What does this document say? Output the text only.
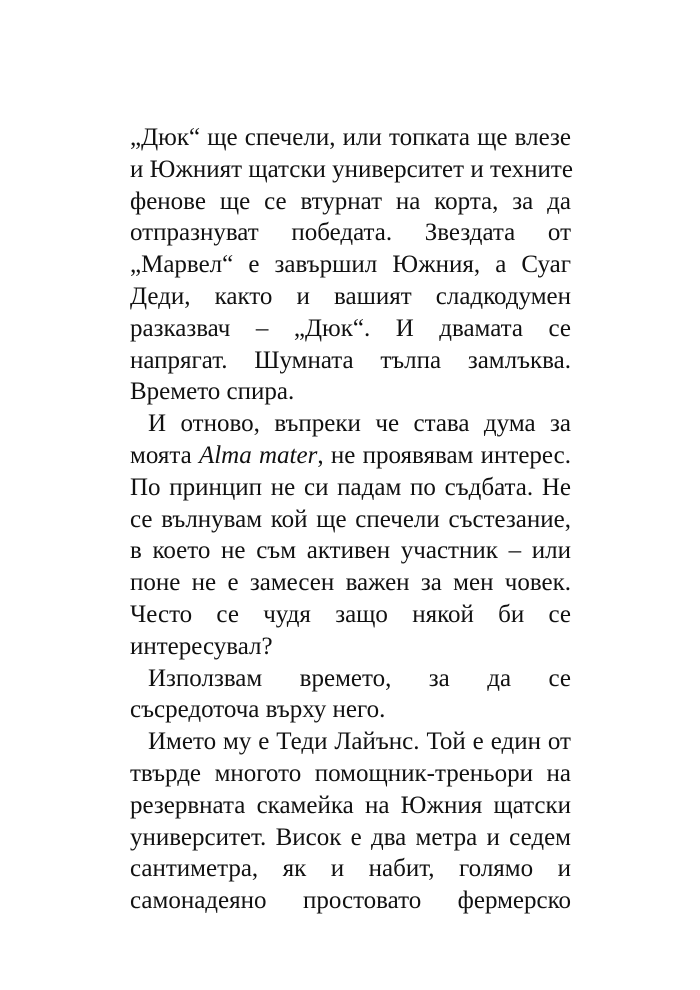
„Дюк“ ще спечели, или топката ще влезе
и Южният щатски университет и техните
фенове ще се втурнат на корта, за да
отпразнуват победата. Звездата от
„Марвел“ е завършил Южния, а Суаг
Деди, както и вашият сладкодумен
разказвач – „Дюк“. И двамата се
напрягат. Шумната тълпа замлъква.
Времето спира.

И отново, въпреки че става дума за
моята Alma mater, не проявявам интерес.
По принцип не си падам по съдбата. Не
се вълнувам кой ще спечели състезание,
в което не съм активен участник – или
поне не е замесен важен за мен човек.
Често се чудя защо някой би се
интересувал?

Използвам времето, за да се
съсредоточа върху него.

Името му е Теди Лайънс. Той е един от
твърде многото помощник-треньори на
резервната скамейка на Южния щатски
университет. Висок е два метра и седем
сантиметра, як и набит, голямо и
самонадеяно простовато фермерско
